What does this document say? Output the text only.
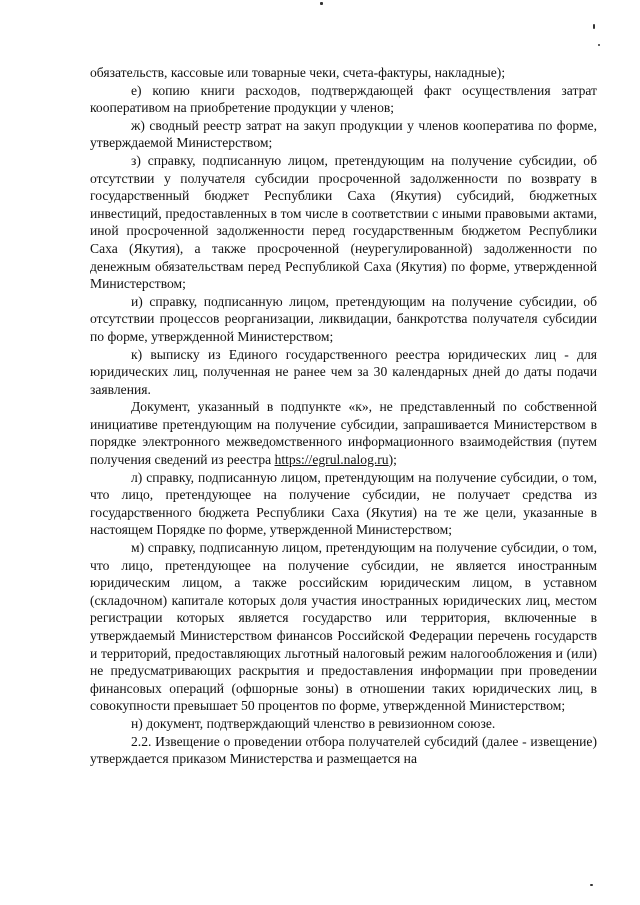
обязательств, кассовые или товарные чеки, счета-фактуры, накладные);

е) копию книги расходов, подтверждающей факт осуществления затрат кооперативом на приобретение продукции у членов;

ж) сводный реестр затрат на закуп продукции у членов кооператива по форме, утверждаемой Министерством;

з) справку, подписанную лицом, претендующим на получение субсидии, об отсутствии у получателя субсидии просроченной задолженности по возврату в государственный бюджет Республики Саха (Якутия) субсидий, бюджетных инвестиций, предоставленных в том числе в соответствии с иными правовыми актами, иной просроченной задолженности перед государственным бюджетом Республики Саха (Якутия), а также просроченной (неурегулированной) задолженности по денежным обязательствам перед Республикой Саха (Якутия) по форме, утвержденной Министерством;

и) справку, подписанную лицом, претендующим на получение субсидии, об отсутствии процессов реорганизации, ликвидации, банкротства получателя субсидии по форме, утвержденной Министерством;

к) выписку из Единого государственного реестра юридических лиц - для юридических лиц, полученная не ранее чем за 30 календарных дней до даты подачи заявления.

Документ, указанный в подпункте «к», не представленный по собственной инициативе претендующим на получение субсидии, запрашивается Министерством в порядке электронного межведомственного информационного взаимодействия (путем получения сведений из реестра https://egrul.nalog.ru);

л) справку, подписанную лицом, претендующим на получение субсидии, о том, что лицо, претендующее на получение субсидии, не получает средства из государственного бюджета Республики Саха (Якутия) на те же цели, указанные в настоящем Порядке по форме, утвержденной Министерством;

м) справку, подписанную лицом, претендующим на получение субсидии, о том, что лицо, претендующее на получение субсидии, не является иностранным юридическим лицом, а также российским юридическим лицом, в уставном (складочном) капитале которых доля участия иностранных юридических лиц, местом регистрации которых является государство или территория, включенные в утверждаемый Министерством финансов Российской Федерации перечень государств и территорий, предоставляющих льготный налоговый режим налогообложения и (или) не предусматривающих раскрытия и предоставления информации при проведении финансовых операций (офшорные зоны) в отношении таких юридических лиц, в совокупности превышает 50 процентов по форме, утвержденной Министерством;

н) документ, подтверждающий членство в ревизионном союзе.

2.2. Извещение о проведении отбора получателей субсидий (далее - извещение) утверждается приказом Министерства и размещается на
